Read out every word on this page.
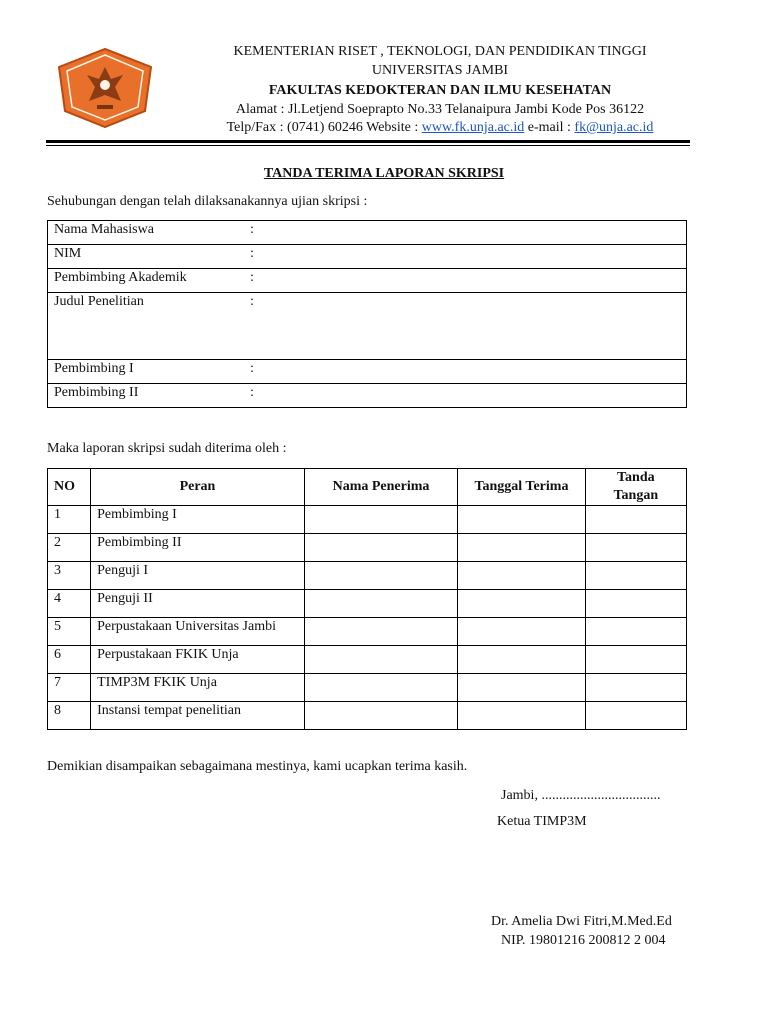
KEMENTERIAN RISET , TEKNOLOGI, DAN PENDIDIKAN TINGGI
UNIVERSITAS JAMBI
FAKULTAS KEDOKTERAN DAN ILMU KESEHATAN
Alamat : Jl.Letjend Soeprapto No.33 Telanaipura Jambi Kode Pos 36122
Telp/Fax : (0741) 60246 Website : www.fk.unja.ac.id e-mail : fk@unja.ac.id
TANDA TERIMA LAPORAN SKRIPSI
Sehubungan dengan telah dilaksanakannya ujian skripsi :
Nama Mahasiswa	:
NIM	:
Pembimbing Akademik	:
Judul Penelitian	:
Pembimbing I	:
Pembimbing II	:
Maka laporan skripsi sudah diterima oleh :
NO	Peran	Nama Penerima	Tanggal Terima	Tanda
Tangan
1	Pembimbing I			
2	Pembimbing II			
3	Penguji I			
4	Penguji II			
5	Perpustakaan Universitas Jambi			
6	Perpustakaan FKIK Unja			
7	TIMP3M FKIK Unja			
8	Instansi tempat penelitian			
Demikian disampaikan sebagaimana mestinya, kami ucapkan terima kasih.
Jambi, ..................................
Ketua TIMP3M
Dr. Amelia Dwi Fitri,M.Med.Ed
NIP. 19801216 200812 2 004
